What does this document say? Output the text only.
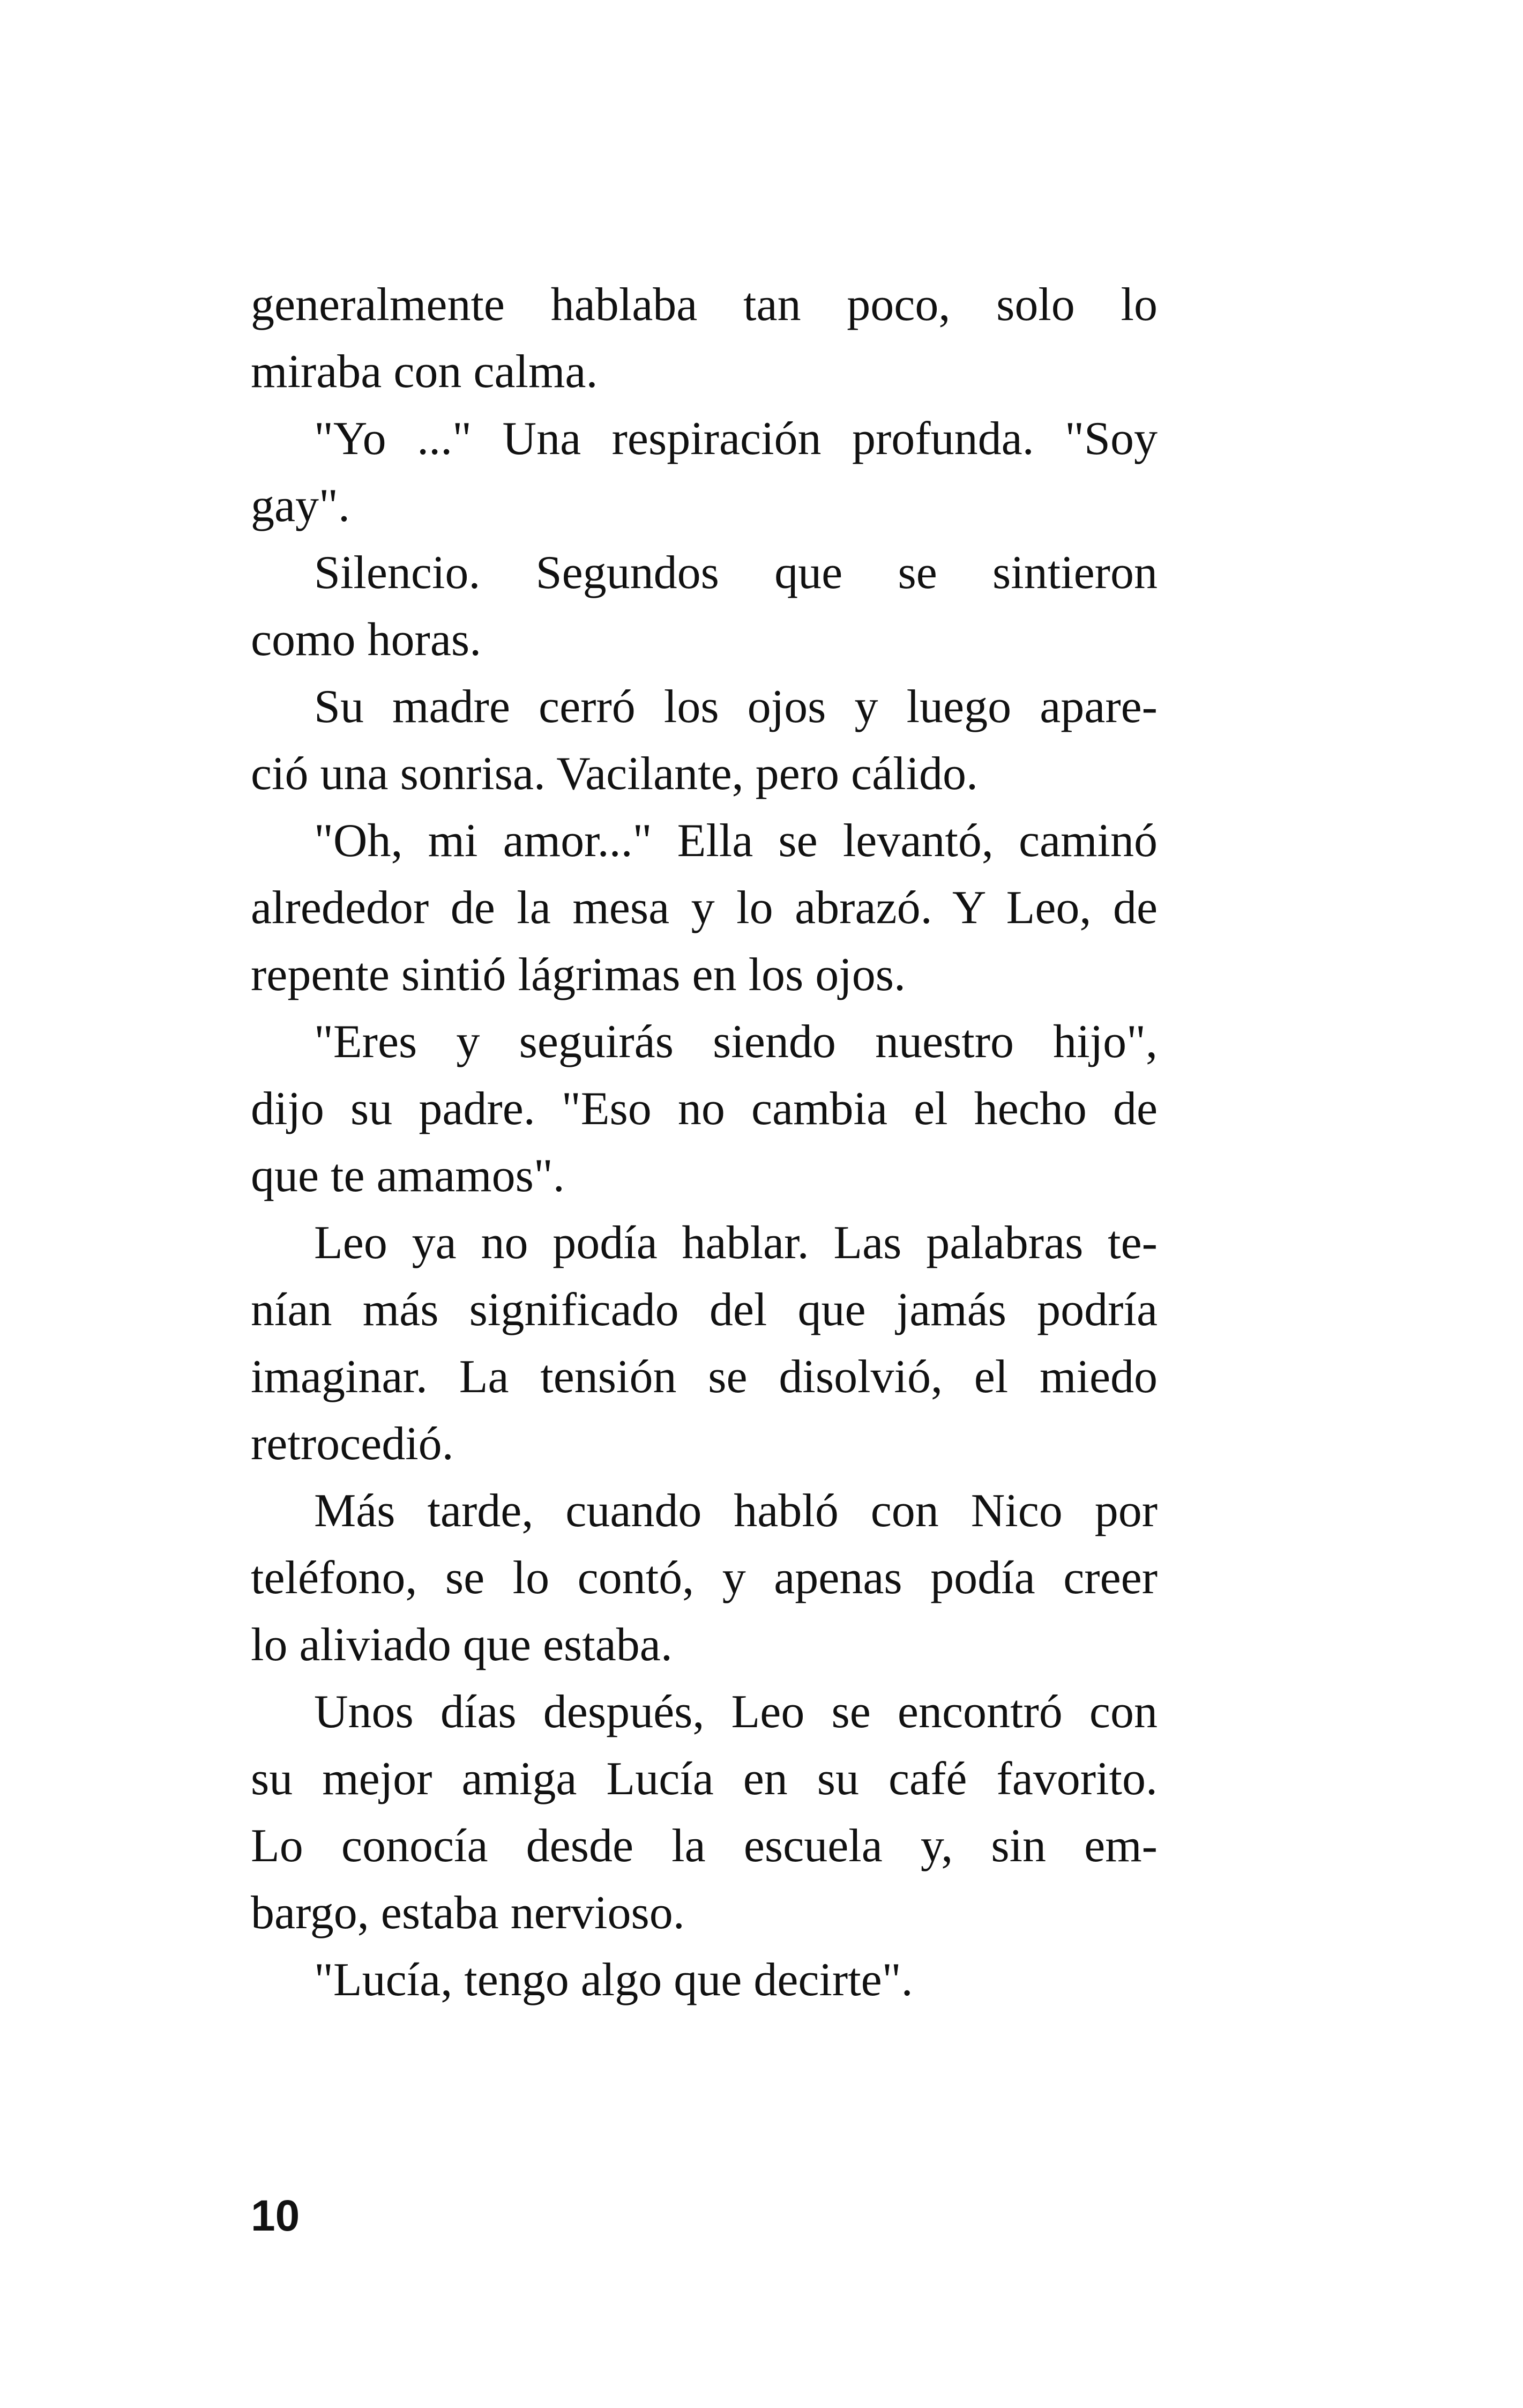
generalmente hablaba tan poco, solo lo
miraba con calma.
"Yo ..." Una respiración profunda. "Soy
gay".
Silencio. Segundos que se sintieron
como horas.
Su madre cerró los ojos y luego apare-
ció una sonrisa. Vacilante, pero cálido.
"Oh, mi amor..." Ella se levantó, caminó
alrededor de la mesa y lo abrazó. Y Leo, de
repente sintió lágrimas en los ojos.
"Eres y seguirás siendo nuestro hijo",
dijo su padre. "Eso no cambia el hecho de
que te amamos".
Leo ya no podía hablar. Las palabras te-
nían más significado del que jamás podría
imaginar. La tensión se disolvió, el miedo
retrocedió.
Más tarde, cuando habló con Nico por
teléfono, se lo contó, y apenas podía creer
lo aliviado que estaba.
Unos días después, Leo se encontró con
su mejor amiga Lucía en su café favorito.
Lo conocía desde la escuela y, sin em-
bargo, estaba nervioso.
"Lucía, tengo algo que decirte".
10
